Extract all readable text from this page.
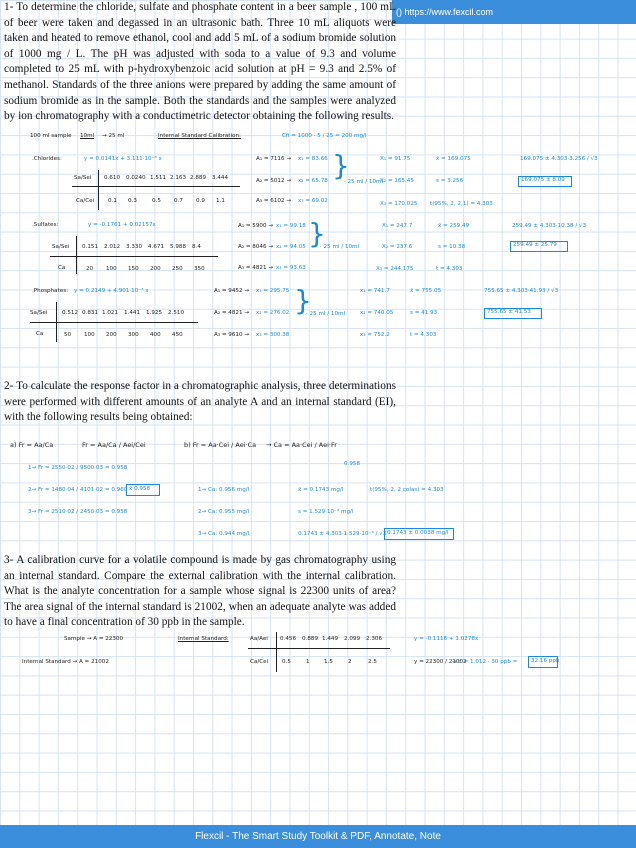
() https://www.fexcil.com

1- To determine the chloride, sulfate and phosphate content in a beer sample , 100 mL of beer were taken and degassed in an ultrasonic bath. Three 10 mL aliquots were taken and heated to remove ethanol, cool and add 5 mL of a sodium bromide solution of 1000 mg / L. The pH was adjusted with soda to a value of 9.3 and volume completed to 25 mL with p-hydroxybenzoic acid solution at pH = 9.3 and 2.5% of methanol. Standards of the three anions were prepared by adding the same amount of sodium bromide as in the sample. Both the standards and the samples were analyzed by ion chromatography with a conductimetric detector obtaining the following results.

100 ml sample 10ml → 25 ml	Internal Standard Calibration:	Cfi = 1000 · 5 / 25 = 200 mg/l
.Chlorides:	y = 0.0141x + 3.111·10⁻³ x
Sa/Sei 0.610 0.0240 1.511 2.163 2.889 3.444
Ca/Cei 0.1 0.3	0.5 0.7 0.9 1.1
A₁ = 7116 →
A₂ = 5012 →
A₃ = 6102 →
x₁ = 83.66
x₂ = 65.78
x₃ = 69.02
}
· 25 ml / 10ml
X₁ = 91.75
X₂ = 165.45
X₃ = 170.025
x̄ = 169.075
s = 3.256
t(95%, 2, 2,1) = 4.303
169.075 ± 4.303·3.256 / √3
169.075 ± 8.09
.Sulfates:	y = -0.1761 + 0.02157x
Sa/Sei 0.151 2.012 3.330 4.671 5.988 8.4
Ca	20 100 150 200 250 350
A₁ = 5900 →
A₂ = 8046 →
A₃ = 4821 →
x₁ = 99.18
x₂ = 94.05
x₃ = 93.63
}
· 25 ml / 10ml
X₁ = 247.7
X₂ = 237.6
X₃ = 244.175
x̄ = 259.49
s = 10.38
t = 4.303
259.49 ± 4.303·10.38 / √3
259.49 ± 25.79
.Phosphates: y = 0.2149 + 4.901·10⁻³ x
Sa/Sei	0.512 0.831 1.021 1.441 1.925 2.510
Ca	50 100 200 300 400 450
A₁ = 9452 →
A₂ = 4821 →
A₃ = 9610 →
x₁ = 295.75
x₂ = 276.02
x₃ = 300.38
}
· 25 ml / 10ml
x₁ = 741.7
x₂ = 740.05
x₃ = 752.2
x̄ = 755.05
s = 41.93
t = 4.303
755.65 ± 4.303·41.93 / √3
755.65 ± 41.53

2- To calculate the response factor in a chromatographic analysis, three determinations were performed with different amounts of an analyte A and an internal standard (EI), with the following results being obtained:

a) Fr = Aa/Ca	Fr = Aa/Ca / Aei/Cei	b) Fr = Aa·Cei / Aei·Ca → Ca = Aa·Cei / Aei·Fr
0.958
1→ Fr = 2550·02 / 9500·03 = 0.958
2→ Fr = 1480·04 / 4101·02 = 0.960
3→ Fr = 2510·02 / 2450·03 = 0.958
x̄ 0.958	1→ Ca: 0.956 mg/l
2→ Ca: 0.955 mg/l
3→ Ca: 0.944 mg/l
x̄ = 0.1743 mg/l
s = 1.529·10⁻³ mg/l
0.1743 ± 4.303·1.529·10⁻³ / √3
t(95%, 2, 2 colas) = 4.303
0.1743 ± 0.0038 mg/l

3- A calibration curve for a volatile compound is made by gas chromatography using an internal standard. Compare the external calibration with the internal calibration. What is the analyte concentration for a sample whose signal is 22300 units of area? The area signal of the internal standard is 21002, when an adequate analyte was added to have a final concentration of 30 ppb in the sample.

Sample → A = 22300
Internal Standard → A = 21002
Internal Standard:	Aa/Aei 0.456 0.889 1.449 2.099 2.306
Ca/Cei 0.5	1	1.5	2	2.5
y = -0.1116 + 1.0278x
y = 22300 / 21002
→ x = 1.012 · 30 ppb = 32.16 ppb
Flexcil - The Smart Study Toolkit & PDF, Annotate, Note
